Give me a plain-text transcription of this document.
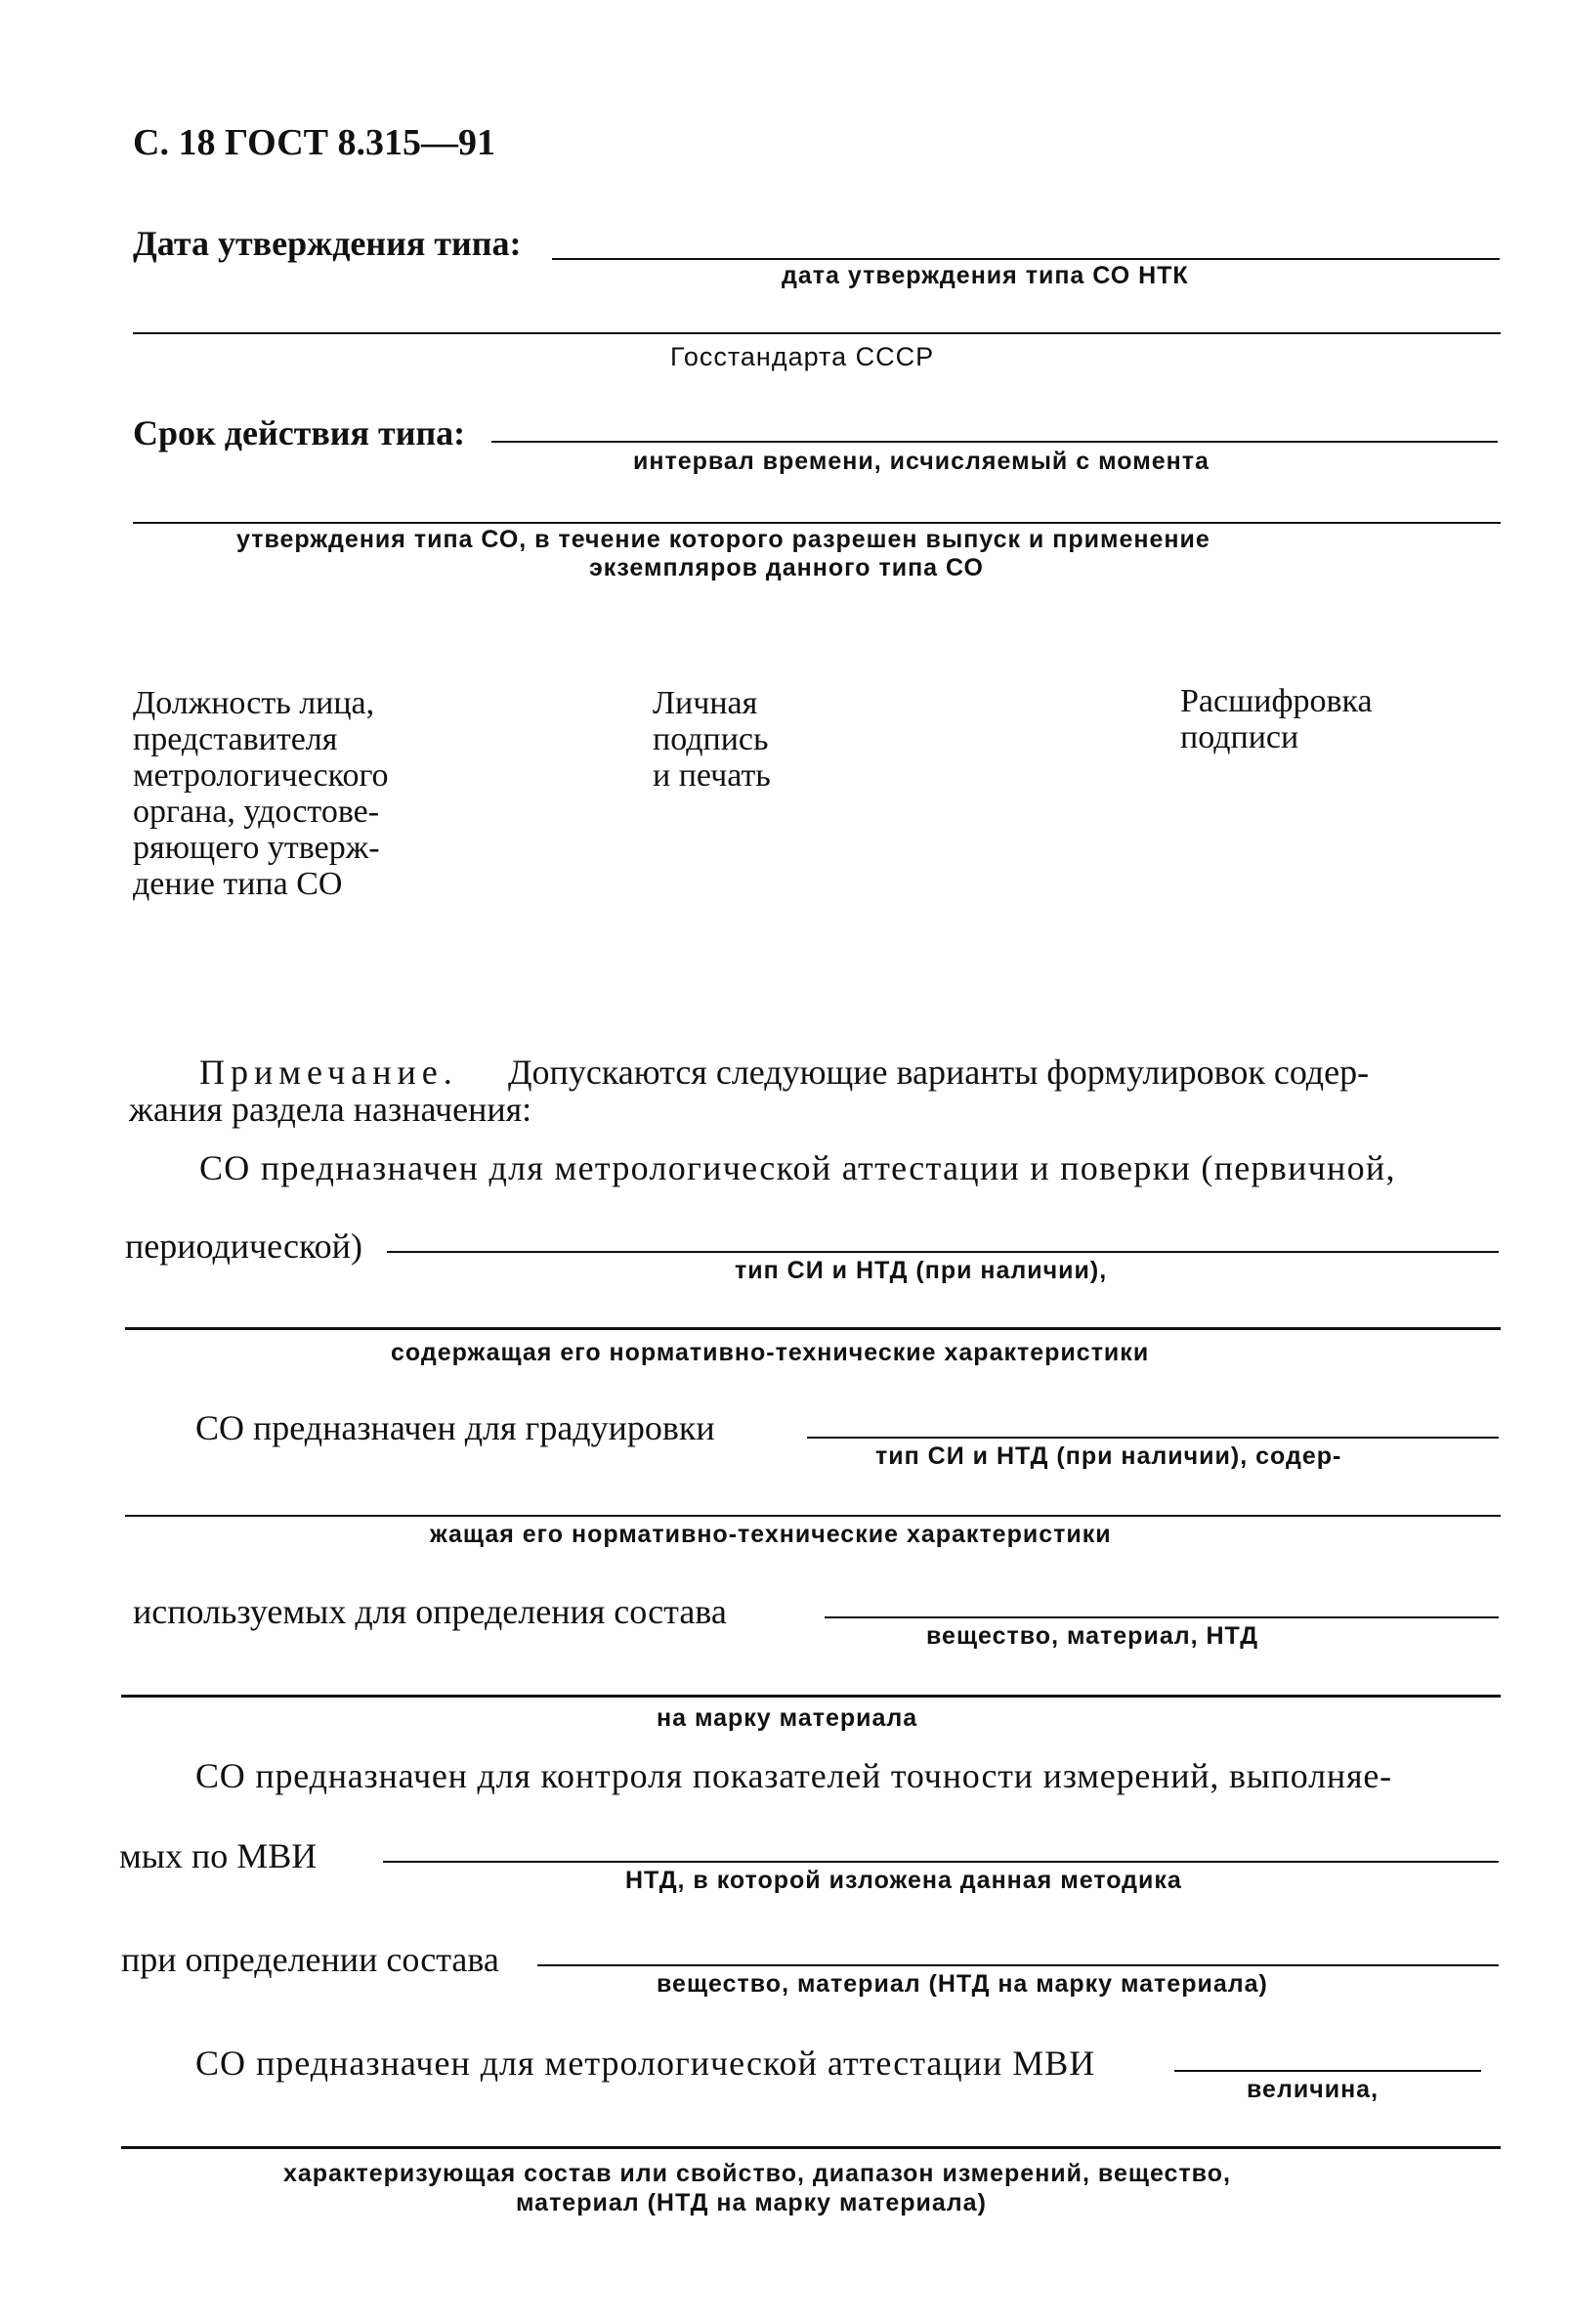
С. 18 ГОСТ 8.315—91
Дата утверждения типа:
дата утверждения типа СО НТК
Госстандарта СССР
Срок действия типа:
интервал времени, исчисляемый с момента
утверждения типа СО, в течение которого разрешен выпуск и применение
экземпляров данного типа СО
Должность лица,
представителя
метрологического
органа, удостове-
ряющего утверж-
дение типа СО
Личная
подпись
и печать
Расшифровка
подписи
Примечание. Допускаются следующие варианты формулировок содер-
жания раздела назначения:
СО предназначен для метрологической аттестации и поверки (первичной,
периодической)
тип СИ и НТД (при наличии),
содержащая его нормативно-технические характеристики
СО предназначен для градуировки
тип СИ и НТД (при наличии), содер-
жащая его нормативно-технические характеристики
используемых для определения состава
вещество, материал, НТД
на марку материала
СО предназначен для контроля показателей точности измерений, выполняе-
мых по МВИ
НТД, в которой изложена данная методика
при определении состава
вещество, материал (НТД на марку материала)
СО предназначен для метрологической аттестации МВИ
величина,
характеризующая состав или свойство, диапазон измерений, вещество,
материал (НТД на марку материала)
